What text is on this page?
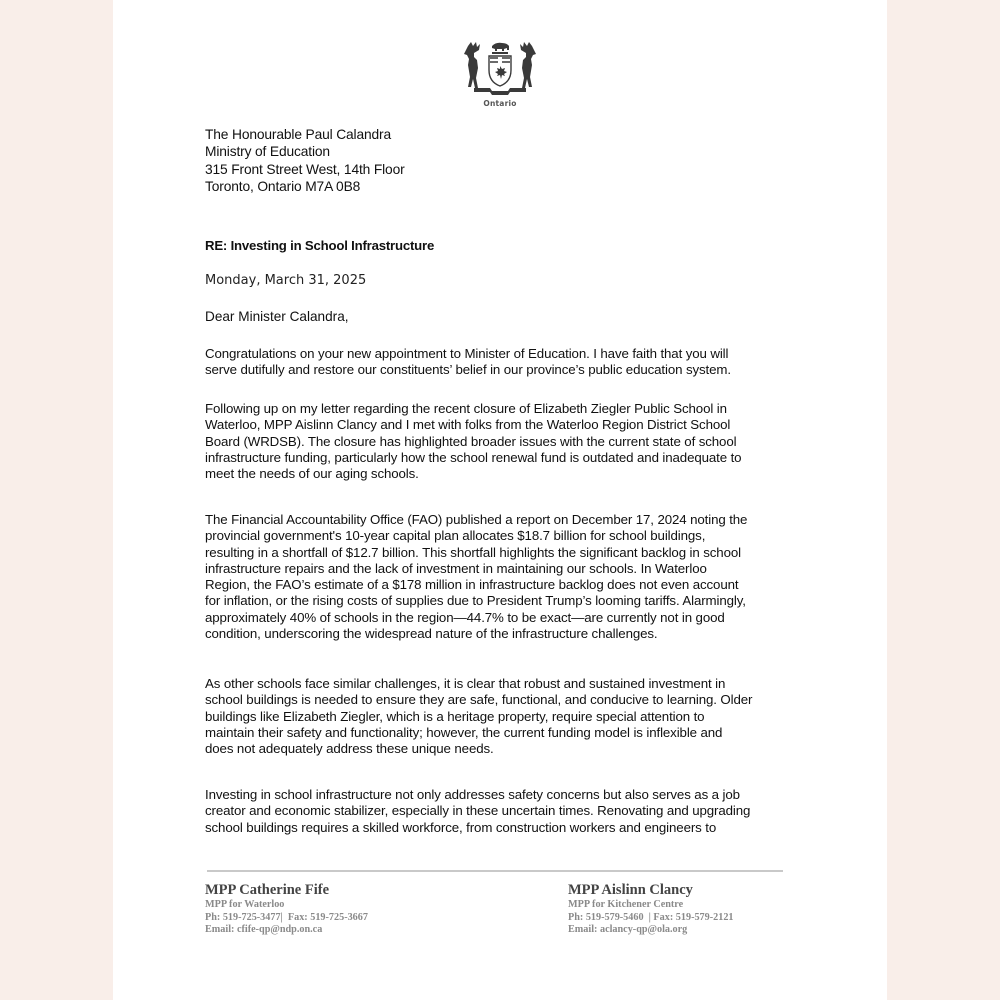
Ontario
The Honourable Paul Calandra
Ministry of Education
315 Front Street West, 14th Floor
Toronto, Ontario M7A 0B8
RE: Investing in School Infrastructure
Monday, March 31, 2025
Dear Minister Calandra,
Congratulations on your new appointment to Minister of Education. I have faith that you will
serve dutifully and restore our constituents’ belief in our province’s public education system.
Following up on my letter regarding the recent closure of Elizabeth Ziegler Public School in
Waterloo, MPP Aislinn Clancy and I met with folks from the Waterloo Region District School
Board (WRDSB). The closure has highlighted broader issues with the current state of school
infrastructure funding, particularly how the school renewal fund is outdated and inadequate to
meet the needs of our aging schools.
The Financial Accountability Office (FAO) published a report on December 17, 2024 noting the
provincial government's 10-year capital plan allocates $18.7 billion for school buildings,
resulting in a shortfall of $12.7 billion. This shortfall highlights the significant backlog in school
infrastructure repairs and the lack of investment in maintaining our schools. In Waterloo
Region, the FAO’s estimate of a $178 million in infrastructure backlog does not even account
for inflation, or the rising costs of supplies due to President Trump’s looming tariffs. Alarmingly,
approximately 40% of schools in the region—44.7% to be exact—are currently not in good
condition, underscoring the widespread nature of the infrastructure challenges.
As other schools face similar challenges, it is clear that robust and sustained investment in
school buildings is needed to ensure they are safe, functional, and conducive to learning. Older
buildings like Elizabeth Ziegler, which is a heritage property, require special attention to
maintain their safety and functionality; however, the current funding model is inflexible and
does not adequately address these unique needs.
Investing in school infrastructure not only addresses safety concerns but also serves as a job
creator and economic stabilizer, especially in these uncertain times. Renovating and upgrading
school buildings requires a skilled workforce, from construction workers and engineers to
MPP Catherine Fife
MPP for Waterloo
Ph: 519-725-3477|  Fax: 519-725-3667
Email: cfife-qp@ndp.on.ca
MPP Aislinn Clancy
MPP for Kitchener Centre
Ph: 519-579-5460  | Fax: 519-579-2121
Email: aclancy-qp@ola.org
